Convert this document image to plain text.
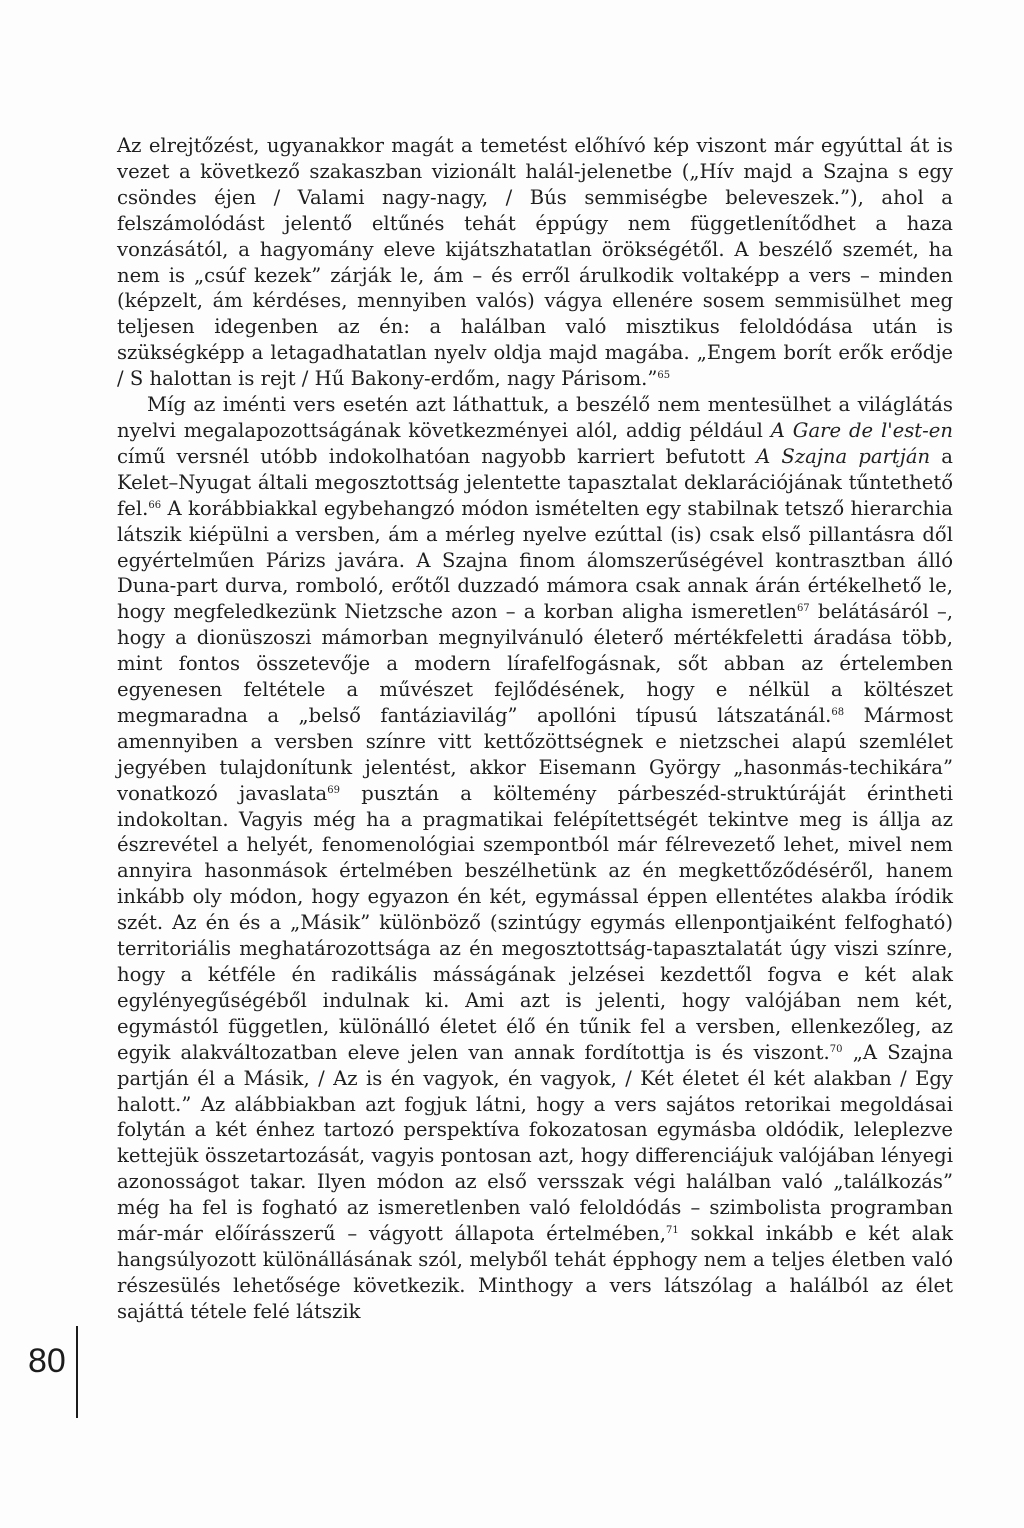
Az elrejtőzést, ugyanakkor magát a temetést előhívó kép viszont már egyúttal át is vezet a következő szakaszban vizionált halál-jelenetbe („Hív majd a Szajna s egy csöndes éjen / Valami nagy-nagy, / Bús semmiségbe beleveszek.”), ahol a felszámolódást jelentő eltűnés tehát éppúgy nem függetlenítődhet a haza vonzásától, a hagyomány eleve kijátszhatatlan örökségétől. A beszélő szemét, ha nem is „csúf kezek” zárják le, ám – és erről árulkodik voltaképp a vers – minden (képzelt, ám kérdéses, mennyiben valós) vágya ellenére sosem semmisülhet meg teljesen idegenben az én: a halálban való misztikus feloldódása után is szükségképp a letagadhatatlan nyelv oldja majd magába. „Engem borít erők erődje / S halottan is rejt / Hű Bakony-erdőm, nagy Párisom.”$^{65}$

Míg az iménti vers esetén azt láthattuk, a beszélő nem mentesülhet a világlátás nyelvi megalapozottságának következményei alól, addig például A Gare de l'est-en című versnél utóbb indokolhatóan nagyobb karriert befutott A Szajna partján a Kelet–Nyugat általi megosztottság jelentette tapasztalat deklarációjának tűntethető fel.$^{66}$ A korábbiakkal egybehangzó módon ismételten egy stabilnak tetsző hierarchia látszik kiépülni a versben, ám a mérleg nyelve ezúttal (is) csak első pillantásra dől egyértelműen Párizs javára. A Szajna finom álomszerűségével kontrasztban álló Duna-part durva, romboló, erőtől duzzadó mámora csak annak árán értékelhető le, hogy megfeledkezünk Nietzsche azon – a korban aligha ismeretlen$^{67}$ belátásáról –, hogy a dionüszoszi mámorban megnyilvánuló életerő mértékfeletti áradása több, mint fontos összetevője a modern lírafelfogásnak, sőt abban az értelemben egyenesen feltétele a művészet fejlődésének, hogy e nélkül a költészet megmaradna a „belső fantáziavilág” apollóni típusú látszatánál.$^{68}$ Mármost amennyiben a versben színre vitt kettőzöttségnek e nietzschei alapú szemlélet jegyében tulajdonítunk jelentést, akkor Eisemann György „hasonmás-techikára” vonatkozó javaslata$^{69}$ pusztán a költemény párbeszéd-struktúráját érintheti indokoltan. Vagyis még ha a pragmatikai felépítettségét tekintve meg is állja az észrevétel a helyét, fenomenológiai szempontból már félrevezető lehet, mivel nem annyira hasonmások értelmében beszélhetünk az én megkettőződéséről, hanem inkább oly módon, hogy egyazon én két, egymással éppen ellentétes alakba íródik szét. Az én és a „Másik” különböző (szintúgy egymás ellenpontjaiként felfogható) territoriális meghatározottsága az én megosztottság-tapasztalatát úgy viszi színre, hogy a kétféle én radikális másságának jelzései kezdettől fogva e két alak egylényegűségéből indulnak ki. Ami azt is jelenti, hogy valójában nem két, egymástól független, különálló életet élő én tűnik fel a versben, ellenkezőleg, az egyik alakváltozatban eleve jelen van annak fordítottja is és viszont.$^{70}$ „A Szajna partján él a Másik, / Az is én vagyok, én vagyok, / Két életet él két alakban / Egy halott.” Az alábbiakban azt fogjuk látni, hogy a vers sajátos retorikai megoldásai folytán a két énhez tartozó perspektíva fokozatosan egymásba oldódik, leleplezve kettejük összetartozását, vagyis pontosan azt, hogy differenciájuk valójában lényegi azonosságot takar. Ilyen módon az első versszak végi halálban való „találkozás” még ha fel is fogható az ismeretlenben való feloldódás – szimbolista programban már-már előírásszerű – vágyott állapota értelmében,$^{71}$ sokkal inkább e két alak hangsúlyozott különállásának szól, melyből tehát épphogy nem a teljes életben való részesülés lehetősége következik. Minthogy a vers látszólag a halálból az élet sajáttá tétele felé látszik

80
